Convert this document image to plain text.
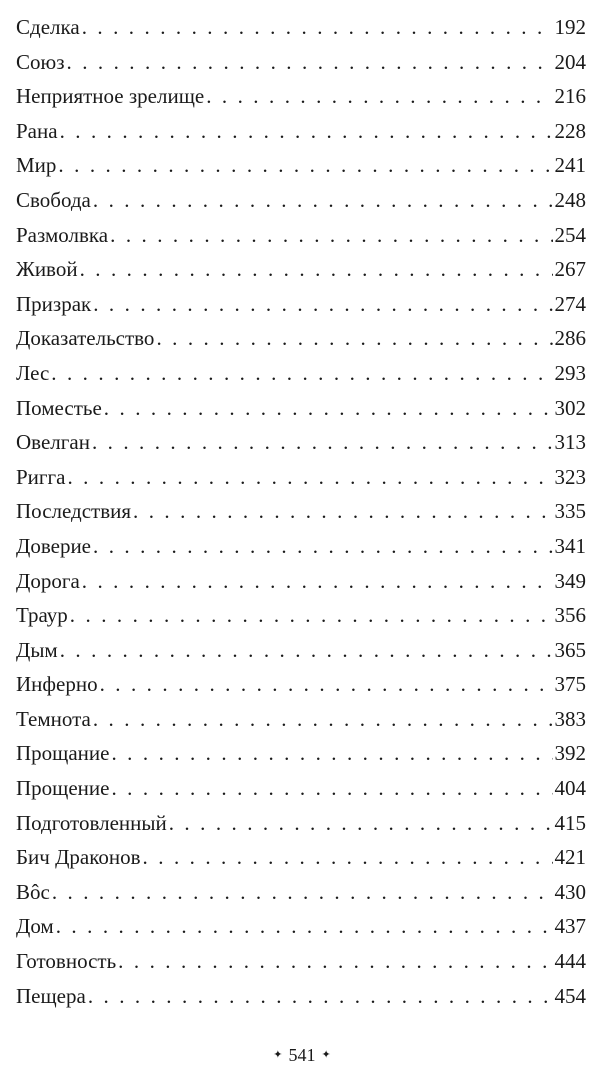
Сделка . . .	192
Союз . . .	204
Неприятное зрелище . . .	216
Рана . . .	228
Мир . . .	241
Свобода . . .	248
Размолвка . . .	254
Живой . . .	267
Призрак . . .	274
Доказательство . . .	286
Лес . . .	293
Поместье . . .	302
Овелган . . .	313
Ригга . . .	323
Последствия . . .	335
Доверие . . .	341
Дорога . . .	349
Траур . . .	356
Дым . . .	365
Инферно . . .	375
Темнота . . .	383
Прощание . . .	392
Прощение . . .	404
Подготовленный . . .	415
Бич Драконов . . .	421
Вôс . . .	430
Дом . . .	437
Готовность . . .	444
Пещера . . .	454
✦ 541 ✦
